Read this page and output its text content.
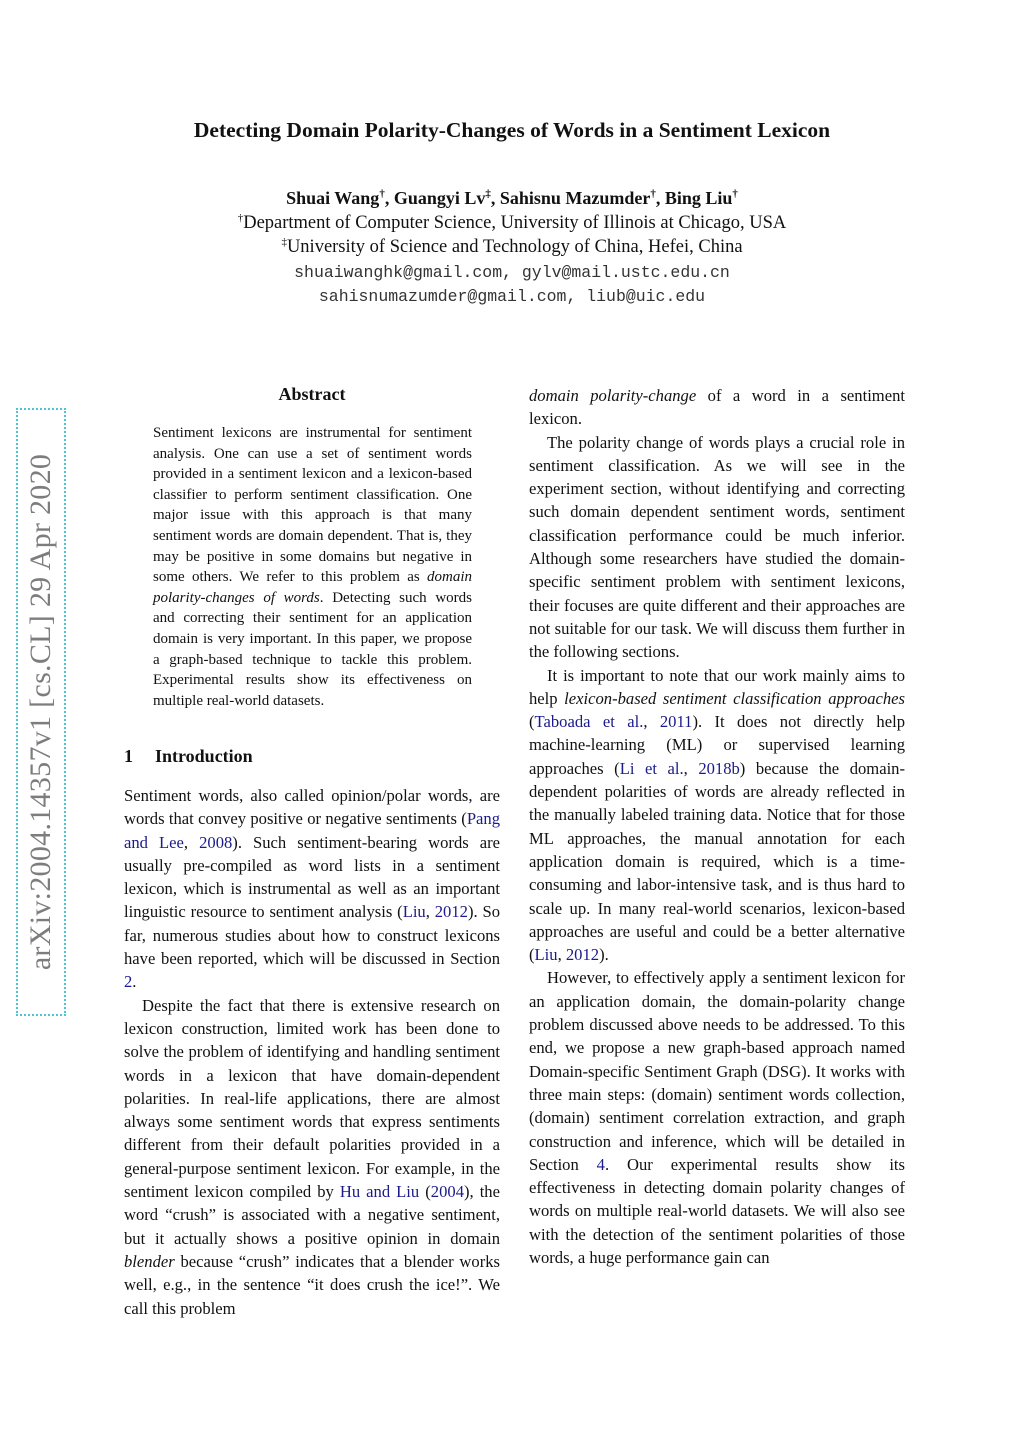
Detecting Domain Polarity-Changes of Words in a Sentiment Lexicon
Shuai Wang†, Guangyi Lv‡, Sahisnu Mazumder†, Bing Liu†
†Department of Computer Science, University of Illinois at Chicago, USA
‡University of Science and Technology of China, Hefei, China
shuaiwanghk@gmail.com, gylv@mail.ustc.edu.cn
sahisnumazumder@gmail.com, liub@uic.edu
arXiv:2004.14357v1 [cs.CL] 29 Apr 2020
Abstract
Sentiment lexicons are instrumental for sentiment analysis. One can use a set of sentiment words provided in a sentiment lexicon and a lexicon-based classifier to perform sentiment classification. One major issue with this approach is that many sentiment words are domain dependent. That is, they may be positive in some domains but negative in some others. We refer to this problem as domain polarity-changes of words. Detecting such words and correcting their sentiment for an application domain is very important. In this paper, we propose a graph-based technique to tackle this problem. Experimental results show its effectiveness on multiple real-world datasets.
1 Introduction

Sentiment words, also called opinion/polar words, are words that convey positive or negative sentiments (Pang and Lee, 2008). Such sentiment-bearing words are usually pre-compiled as word lists in a sentiment lexicon, which is instrumental as well as an important linguistic resource to sentiment analysis (Liu, 2012). So far, numerous studies about how to construct lexicons have been reported, which will be discussed in Section 2.

Despite the fact that there is extensive research on lexicon construction, limited work has been done to solve the problem of identifying and handling sentiment words in a lexicon that have domain-dependent polarities. In real-life applications, there are almost always some sentiment words that express sentiments different from their default polarities provided in a general-purpose sentiment lexicon. For example, in the sentiment lexicon compiled by Hu and Liu (2004), the word “crush” is associated with a negative sentiment, but it actually shows a positive opinion in domain blender because “crush” indicates that a blender works well, e.g., in the sentence “it does crush the ice!”. We call this problem

domain polarity-change of a word in a sentiment lexicon.

The polarity change of words plays a crucial role in sentiment classification. As we will see in the experiment section, without identifying and correcting such domain dependent sentiment words, sentiment classification performance could be much inferior. Although some researchers have studied the domain-specific sentiment problem with sentiment lexicons, their focuses are quite different and their approaches are not suitable for our task. We will discuss them further in the following sections.

It is important to note that our work mainly aims to help lexicon-based sentiment classification approaches (Taboada et al., 2011). It does not directly help machine-learning (ML) or supervised learning approaches (Li et al., 2018b) because the domain-dependent polarities of words are already reflected in the manually labeled training data. Notice that for those ML approaches, the manual annotation for each application domain is required, which is a time-consuming and labor-intensive task, and is thus hard to scale up. In many real-world scenarios, lexicon-based approaches are useful and could be a better alternative (Liu, 2012).

However, to effectively apply a sentiment lexicon for an application domain, the domain-polarity change problem discussed above needs to be addressed. To this end, we propose a new graph-based approach named Domain-specific Sentiment Graph (DSG). It works with three main steps: (domain) sentiment words collection, (domain) sentiment correlation extraction, and graph construction and inference, which will be detailed in Section 4. Our experimental results show its effectiveness in detecting domain polarity changes of words on multiple real-world datasets. We will also see with the detection of the sentiment polarities of those words, a huge performance gain can
